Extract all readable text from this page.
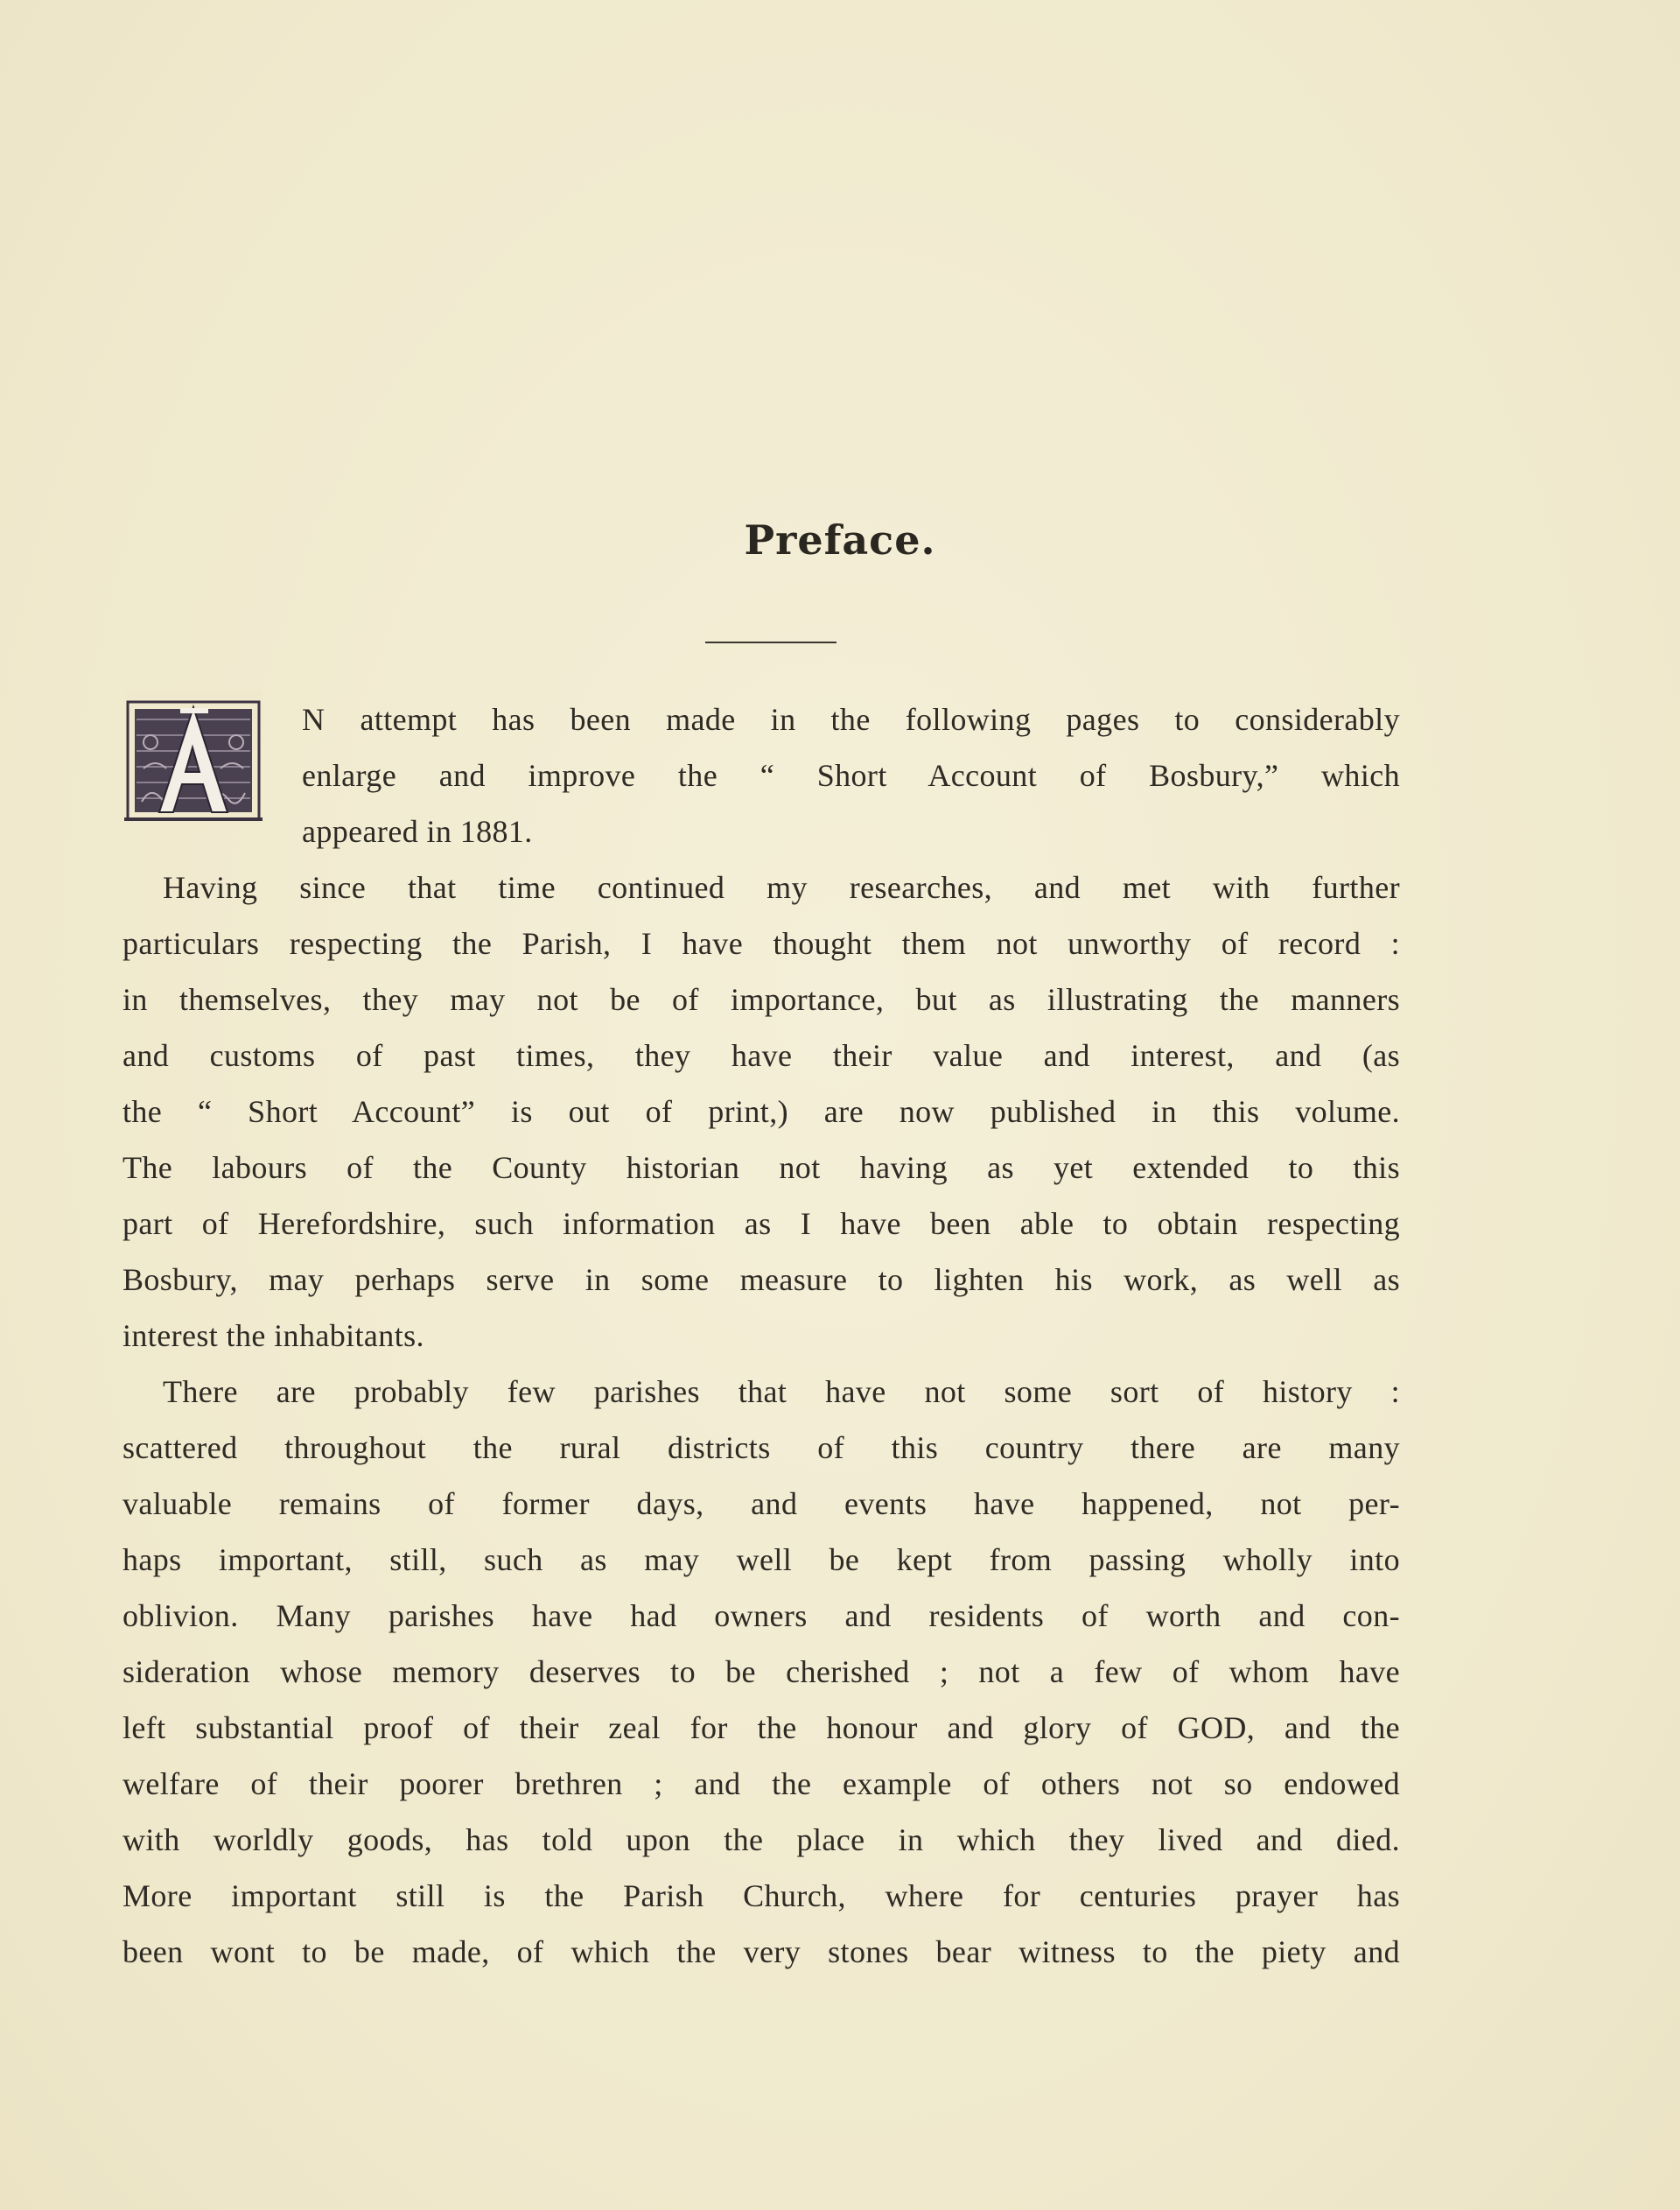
Preface.
N attempt has been made in the following pages to considerably
enlarge and improve the “ Short Account of Bosbury,” which
appeared in 1881.
Having since that time continued my researches, and met with further
particulars respecting the Parish, I have thought them not unworthy of record :
in themselves, they may not be of importance, but as illustrating the manners
and customs of past times, they have their value and interest, and (as
the “ Short Account” is out of print,) are now published in this volume.
The labours of the County historian not having as yet extended to this
part of Herefordshire, such information as I have been able to obtain respecting
Bosbury, may perhaps serve in some measure to lighten his work, as well as
interest the inhabitants.
There are probably few parishes that have not some sort of history :
scattered throughout the rural districts of this country there are many
valuable remains of former days, and events have happened, not per-
haps important, still, such as may well be kept from passing wholly into
oblivion. Many parishes have had owners and residents of worth and con-
sideration whose memory deserves to be cherished ; not a few of whom have
left substantial proof of their zeal for the honour and glory of GOD, and the
welfare of their poorer brethren ; and the example of others not so endowed
with worldly goods, has told upon the place in which they lived and died.
More important still is the Parish Church, where for centuries prayer has
been wont to be made, of which the very stones bear witness to the piety and
